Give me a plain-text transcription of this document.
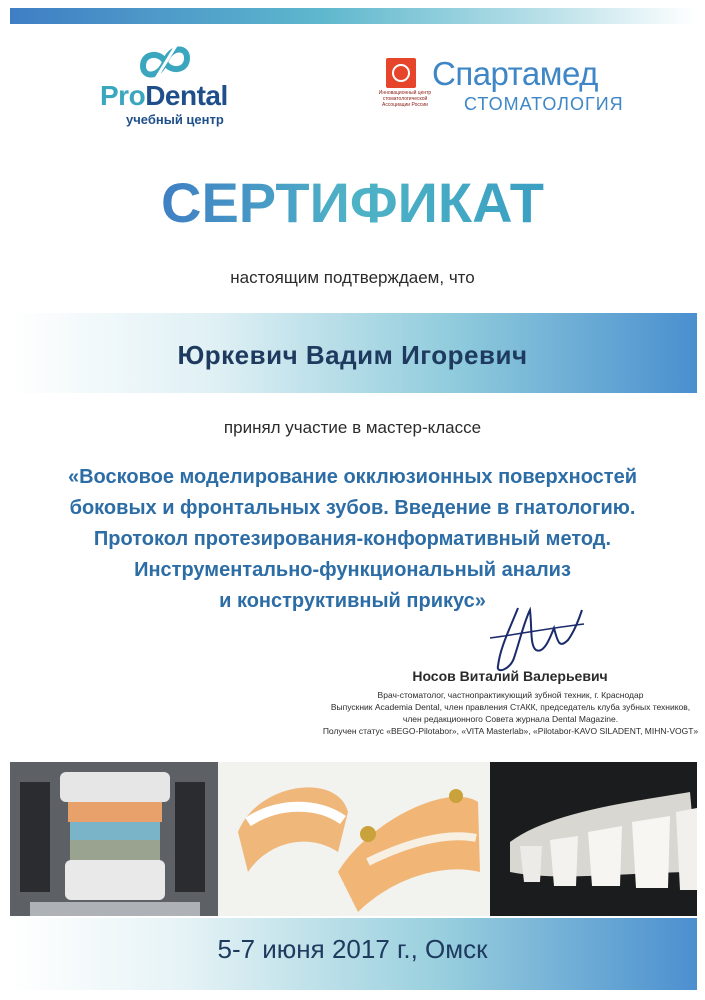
ProDental
учебный центр
Инновационный центр стоматологической Ассоциации России
Спартамед
СТОМАТОЛОГИЯ
СЕРТИФИКАТ
настоящим подтверждаем, что
Юркевич Вадим Игоревич
принял участие в мастер-классе
«Восковое моделирование окклюзионных поверхностей
боковых и фронтальных зубов. Введение в гнатологию.
Протокол протезирования-конформативный метод.
Инструментально-функциональный анализ
и конструктивный прикус»
Носов Виталий Валерьевич
Врач-стоматолог, частнопрактикующий зубной техник, г. Краснодар
Выпускник Academia Dental, член правления СтАКК, председатель клуба зубных техников,
член редакционного Совета журнала Dental Magazine.
Получен статус «BEGO-Pilotabor», «VITA Masterlab», «Pilotabor-KAVO SILADENT, MIHN-VOGT»
5-7 июня 2017 г., Омск
